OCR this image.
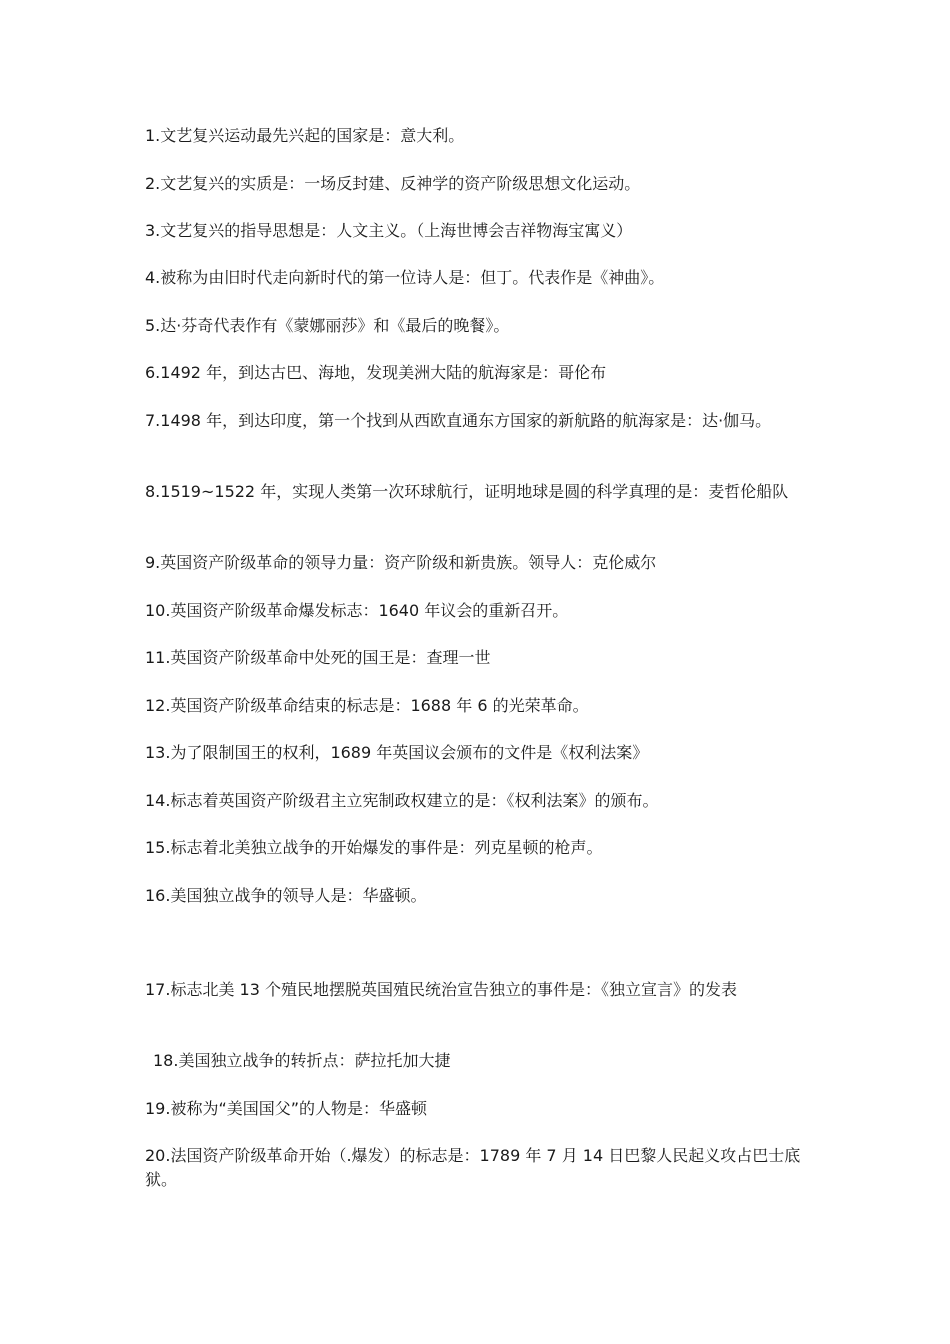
1.文艺复兴运动最先兴起的国家是：意大利。

2.文艺复兴的实质是：一场反封建、反神学的资产阶级思想文化运动。

3.文艺复兴的指导思想是：人文主义。（上海世博会吉祥物海宝寓义）

4.被称为由旧时代走向新时代的第一位诗人是：但丁。代表作是《神曲》。

5.达·芬奇代表作有《蒙娜丽莎》和《最后的晚餐》。

6.1492 年，到达古巴、海地，发现美洲大陆的航海家是：哥伦布

7.1498 年，到达印度，第一个找到从西欧直通东方国家的新航路的航海家是：达·伽马。

8.1519~1522 年，实现人类第一次环球航行，证明地球是圆的科学真理的是：麦哲伦船队

9.英国资产阶级革命的领导力量：资产阶级和新贵族。领导人：克伦威尔

10.英国资产阶级革命爆发标志：1640 年议会的重新召开。

11.英国资产阶级革命中处死的国王是：查理一世

12.英国资产阶级革命结束的标志是：1688 年 6 的光荣革命。

13.为了限制国王的权利，1689 年英国议会颁布的文件是《权利法案》

14.标志着英国资产阶级君主立宪制政权建立的是：《权利法案》的颁布。

15.标志着北美独立战争的开始爆发的事件是：列克星顿的枪声。

16.美国独立战争的领导人是：华盛顿。

17.标志北美 13 个殖民地摆脱英国殖民统治宣告独立的事件是：《独立宣言》的发表

18.美国独立战争的转折点：萨拉托加大捷

19.被称为“美国国父”的人物是：华盛顿

20.法国资产阶级革命开始（.爆发）的标志是：1789 年 7 月 14 日巴黎人民起义攻占巴士底狱。
